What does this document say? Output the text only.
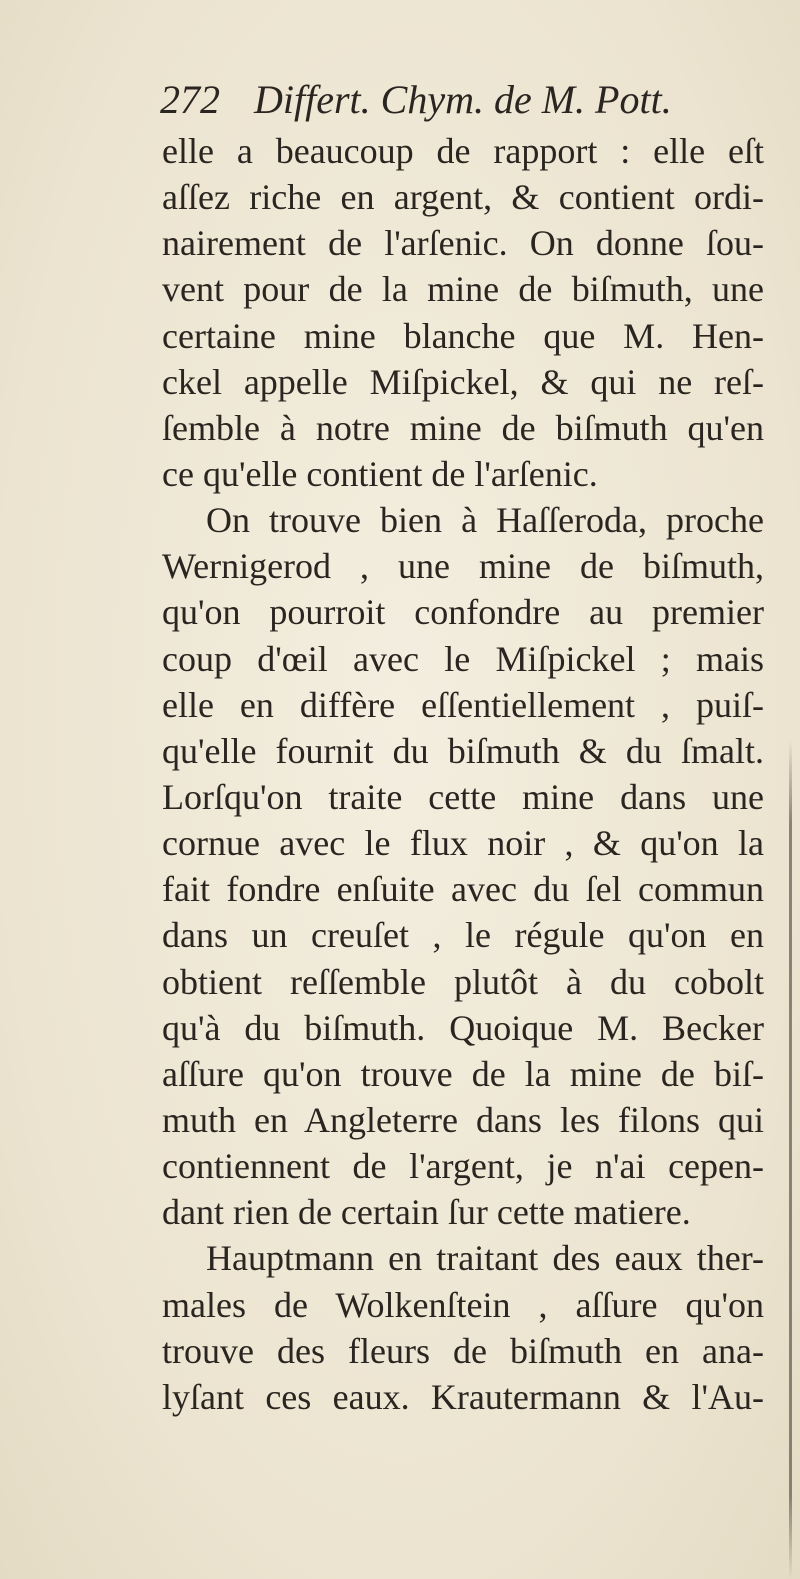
272 Differt. Chym. de M. Pott.
elle a beaucoup de rapport : elle eſt
aſſez riche en argent, & contient ordi-
nairement de l'arſenic. On donne ſou-
vent pour de la mine de biſmuth, une
certaine mine blanche que M. Hen-
ckel appelle Miſpickel, & qui ne reſ-
ſemble à notre mine de biſmuth qu'en
ce qu'elle contient de l'arſenic.
On trouve bien à Haſſeroda, proche
Wernigerod , une mine de biſmuth,
qu'on pourroit confondre au premier
coup d'œil avec le Miſpickel ; mais
elle en diffère eſſentiellement , puiſ-
qu'elle fournit du biſmuth & du ſmalt.
Lorſqu'on traite cette mine dans une
cornue avec le flux noir , & qu'on la
fait fondre enſuite avec du ſel commun
dans un creuſet , le régule qu'on en
obtient reſſemble plutôt à du cobolt
qu'à du biſmuth. Quoique M. Becker
aſſure qu'on trouve de la mine de biſ-
muth en Angleterre dans les filons qui
contiennent de l'argent, je n'ai cepen-
dant rien de certain ſur cette matiere.
Hauptmann en traitant des eaux ther-
males de Wolkenſtein , aſſure qu'on
trouve des fleurs de biſmuth en ana-
lyſant ces eaux. Krautermann & l'Au-
